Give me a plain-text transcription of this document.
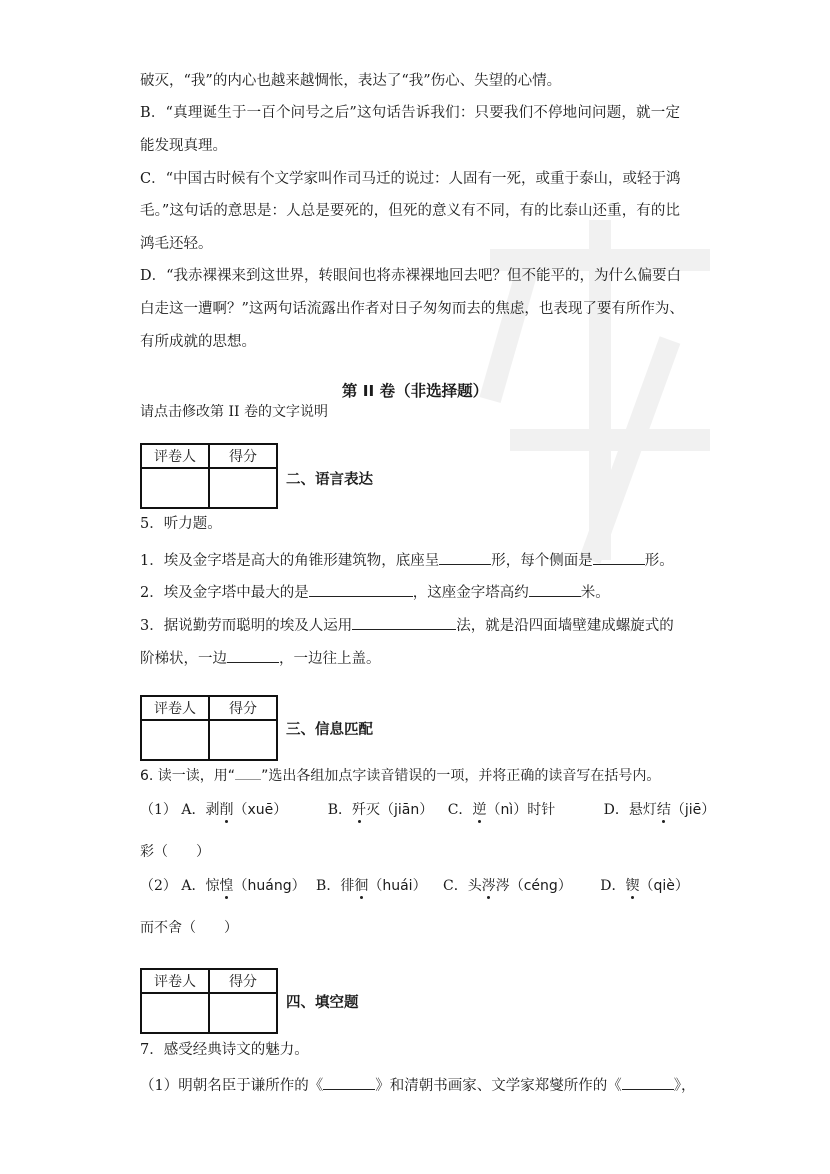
破灭，“我”的内心也越来越惆怅，表达了“我”伤心、失望的心情。
B．“真理诞生于一百个问号之后”这句话告诉我们：只要我们不停地问问题，就一定
能发现真理。
C．“中国古时候有个文学家叫作司马迁的说过：人固有一死，或重于泰山，或轻于鸿
毛。”这句话的意思是：人总是要死的，但死的意义有不同，有的比泰山还重，有的比
鸿毛还轻。
D．“我赤裸裸来到这世界，转眼间也将赤裸裸地回去吧？但不能平的，为什么偏要白
白走这一遭啊？”这两句话流露出作者对日子匆匆而去的焦虑，也表现了要有所作为、
有所成就的思想。
第 II 卷（非选择题）
请点击修改第 II 卷的文字说明
评卷人	得分

二、语言表达
5．听力题。
1．埃及金字塔是高大的角锥形建筑物，底座呈	形，每个侧面是	形。
2．埃及金字塔中最大的是	，这座金字塔高约	米。
3．据说勤劳而聪明的埃及人运用	法，就是沿四面墙壁建成螺旋式的
阶梯状，一边	，一边往上盖。
评卷人	得分

三、信息匹配
6. 读一读，用“ ”选出各组加点字读音错误的一项，并将正确的读音写在括号内。
（1） A．剥削（xuē）	B．歼灭（jiān） C．逆（nì）时针	D．悬灯结（jiē）
彩（　　）
（2） A．惊惶（huáng） B．徘徊（huái） C．头涔涔（céng） D．锲（qiè）
而不舍（　　）
评卷人	得分

四、填空题
7．感受经典诗文的魅力。
（1）明朝名臣于谦所作的《	》和清朝书画家、文学家郑燮所作的《	》，
